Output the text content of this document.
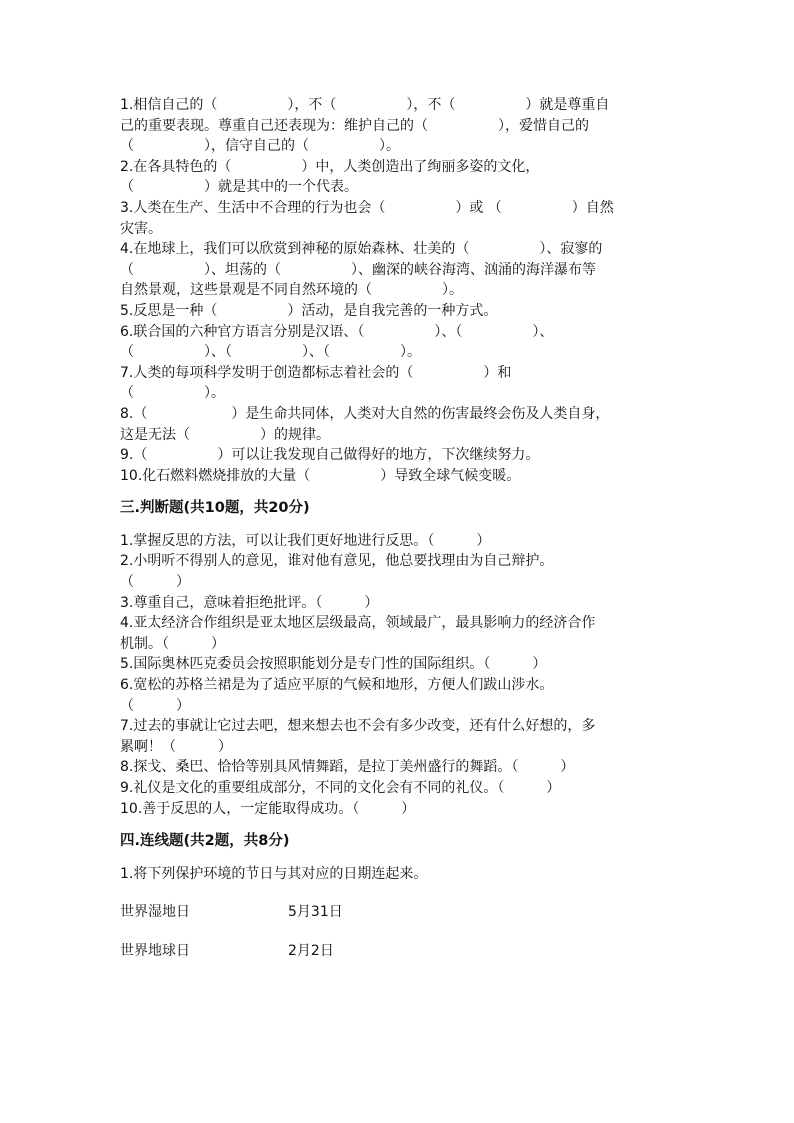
1.相信自己的（　　　　　），不（　　　　　），不（　　　　　）就是尊重自
己的重要表现。尊重自己还表现为：维护自己的（　　　　　），爱惜自己的
（　　　　　），信守自己的（　　　　　）。
2.在各具特色的（　　　　　）中，人类创造出了绚丽多姿的文化，
（　　　　　）就是其中的一个代表。
3.人类在生产、生活中不合理的行为也会（　　　　　）或 （　　　　　）自然
灾害。
4.在地球上，我们可以欣赏到神秘的原始森林、壮美的（　　　　　）、寂寥的
（　　　　　）、坦荡的（　　　　　）、幽深的峡谷海湾、汹涌的海洋瀑布等
自然景观，这些景观是不同自然环境的（　　　　　）。
5.反思是一种（　　　　　）活动，是自我完善的一种方式。
6.联合国的六种官方语言分别是汉语、（　　　　　）、（　　　　　）、
（　　　　　）、（　　　　　）、（　　　　　）。
7.人类的每项科学发明于创造都标志着社会的（　　　　　）和
（　　　　　）。
8.（　　　　　　）是生命共同体，人类对大自然的伤害最终会伤及人类自身，
这是无法（　　　　　）的规律。
9.（　　　　　）可以让我发现自己做得好的地方，下次继续努力。
10.化石燃料燃烧排放的大量（　　　　　）导致全球气候变暖。
三.判断题(共10题，共20分)
1.掌握反思的方法，可以让我们更好地进行反思。（　　　）
2.小明听不得别人的意见，谁对他有意见，他总要找理由为自己辩护。
（　　　）
3.尊重自己，意味着拒绝批评。（　　　）
4.亚太经济合作组织是亚太地区层级最高，领域最广，最具影响力的经济合作
机制。（　　　）
5.国际奥林匹克委员会按照职能划分是专门性的国际组织。（　　　）
6.宽松的苏格兰裙是为了适应平原的气候和地形，方便人们跋山涉水。
（　　　）
7.过去的事就让它过去吧，想来想去也不会有多少改变，还有什么好想的，多
累啊！（　　　）
8.探戈、桑巴、恰恰等别具风情舞蹈，是拉丁美州盛行的舞蹈。（　　　）
9.礼仪是文化的重要组成部分，不同的文化会有不同的礼仪。（　　　）
10.善于反思的人，一定能取得成功。（　　　）
四.连线题(共2题，共8分)
1.将下列保护环境的节日与其对应的日期连起来。
世界湿地日	5月31日
世界地球日	2月2日
